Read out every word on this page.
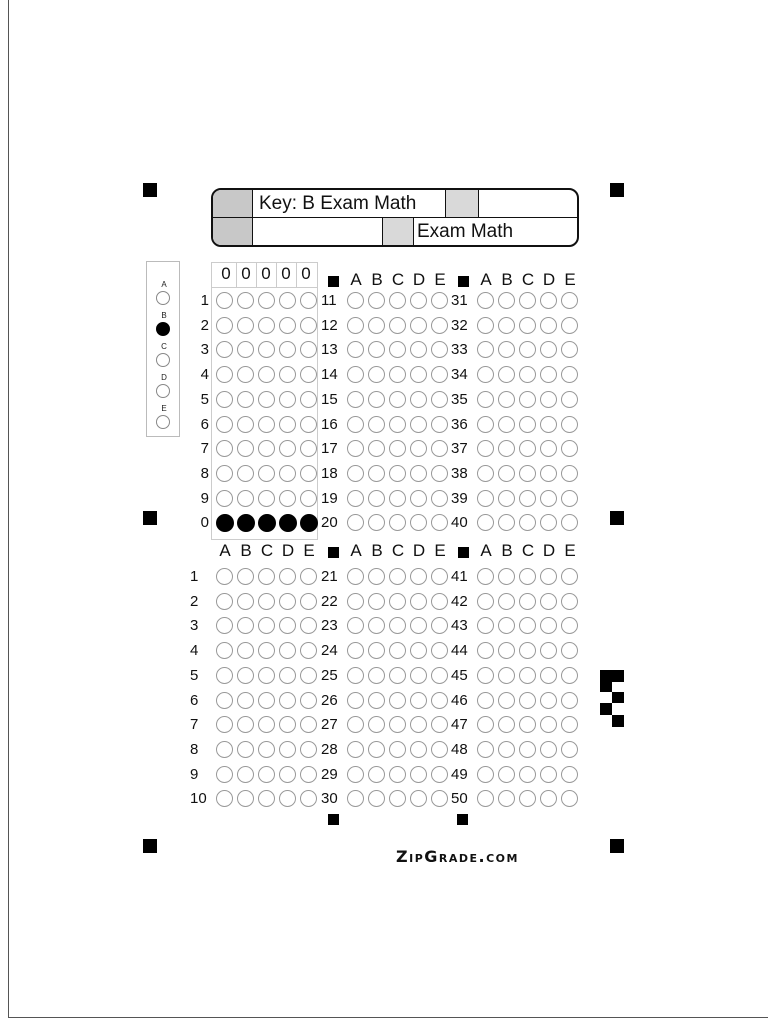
Key: B Exam Math
Exam Math
A
B
C
D
E
0 0 0 0 0
1
2
3
4
5
6
7
8
9
0
A B C D E
11
12
13
14
15
16
17
18
19
20
A B C D E
31
32
33
34
35
36
37
38
39
40
A B C D E
1
2
3
4
5
6
7
8
9
10
A B C D E
21
22
23
24
25
26
27
28
29
30
A B C D E
41
42
43
44
45
46
47
48
49
50
ZipGrade.com
